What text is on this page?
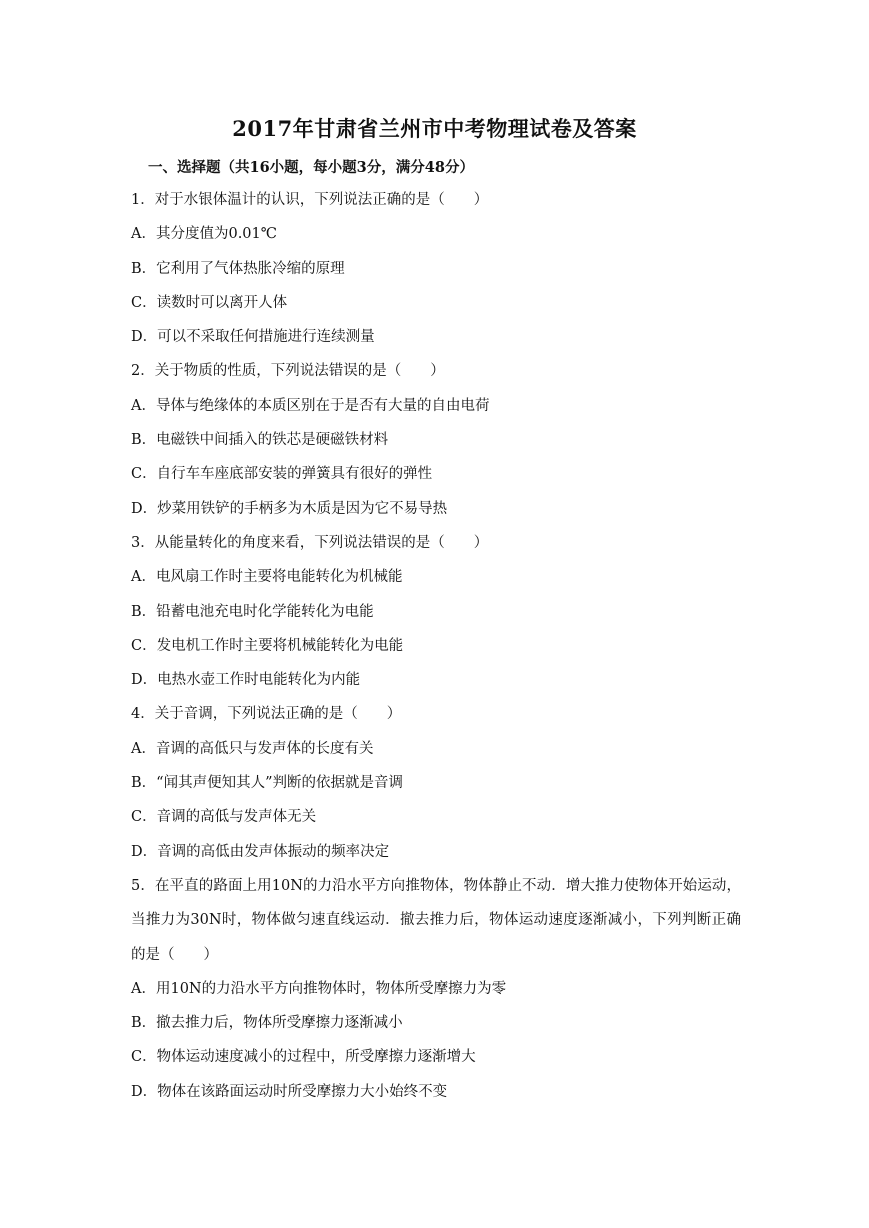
2017年甘肃省兰州市中考物理试卷及答案
一、选择题（共16小题，每小题3分，满分48分）
1．对于水银体温计的认识，下列说法正确的是（　　）
A．其分度值为0.01℃
B．它利用了气体热胀冷缩的原理
C．读数时可以离开人体
D．可以不采取任何措施进行连续测量
2．关于物质的性质，下列说法错误的是（　　）
A．导体与绝缘体的本质区别在于是否有大量的自由电荷
B．电磁铁中间插入的铁芯是硬磁铁材料
C．自行车车座底部安装的弹簧具有很好的弹性
D．炒菜用铁铲的手柄多为木质是因为它不易导热
3．从能量转化的角度来看，下列说法错误的是（　　）
A．电风扇工作时主要将电能转化为机械能
B．铅蓄电池充电时化学能转化为电能
C．发电机工作时主要将机械能转化为电能
D．电热水壶工作时电能转化为内能
4．关于音调，下列说法正确的是（　　）
A．音调的高低只与发声体的长度有关
B．“闻其声便知其人”判断的依据就是音调
C．音调的高低与发声体无关
D．音调的高低由发声体振动的频率决定
5．在平直的路面上用10N的力沿水平方向推物体，物体静止不动．增大推力使物体开始运动，当推力为30N时，物体做匀速直线运动．撤去推力后，物体运动速度逐渐减小，下列判断正确的是（　　）
A．用10N的力沿水平方向推物体时，物体所受摩擦力为零
B．撤去推力后，物体所受摩擦力逐渐减小
C．物体运动速度减小的过程中，所受摩擦力逐渐增大
D．物体在该路面运动时所受摩擦力大小始终不变
